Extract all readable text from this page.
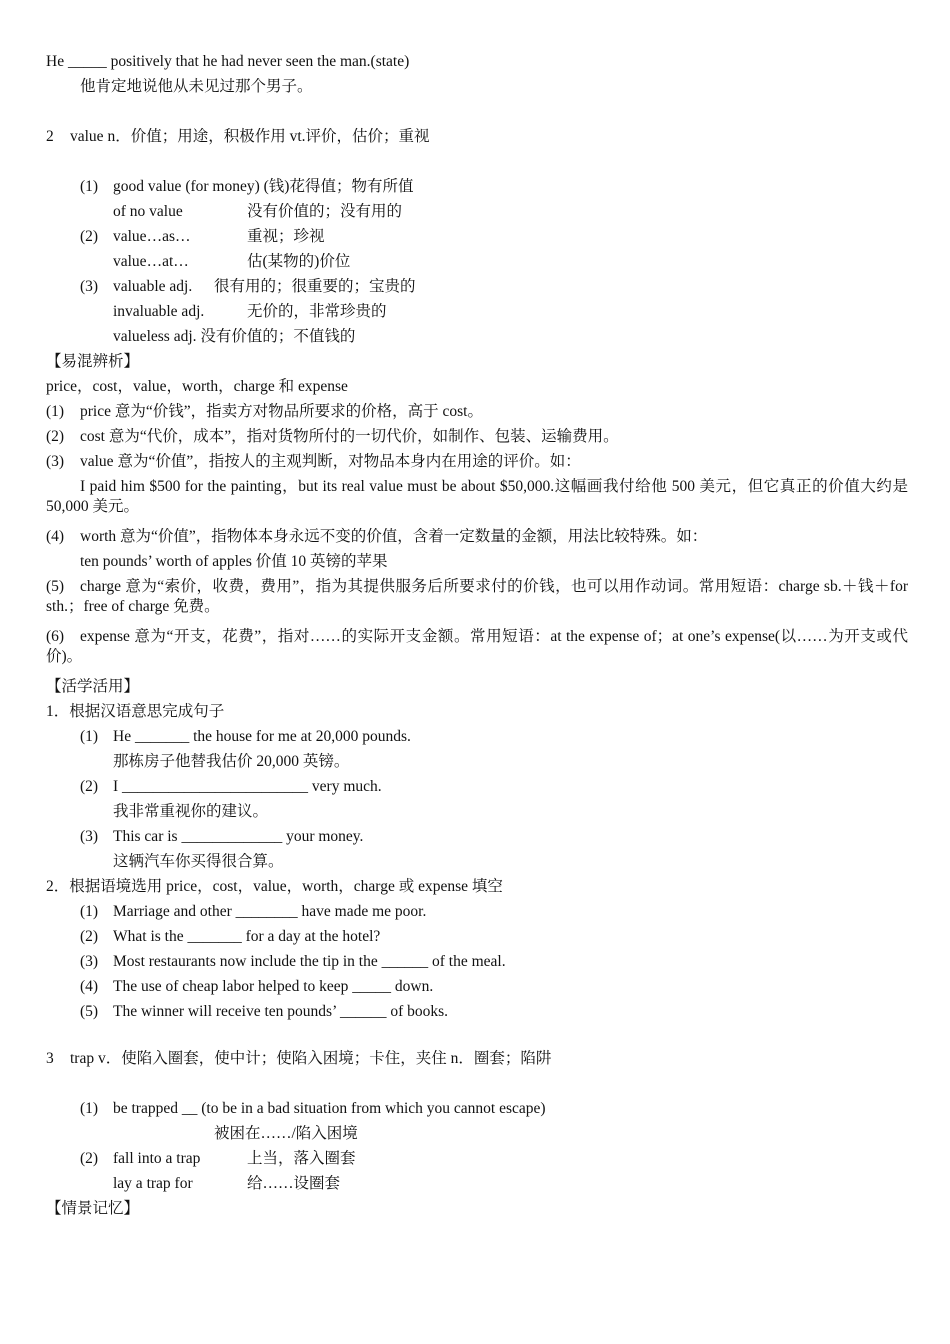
He _____ positively that he had never seen the man.(state)
他肯定地说他从未见过那个男子。
2 value n．价值；用途，积极作用 vt.评价，估价；重视
(1) good value (for money) (钱)花得值；物有所值
of no value	没有价值的；没有用的
(2) value…as…	重视；珍视
value…at…	估(某物的)价位
(3) valuable adj. 很有用的；很重要的；宝贵的
invaluable adj.	无价的，非常珍贵的
valueless adj. 没有价值的；不值钱的
【易混辨析】
price，cost，value，worth，charge 和 expense
(1) price 意为“价钱”，指卖方对物品所要求的价格，高于 cost。
(2) cost 意为“代价，成本”，指对货物所付的一切代价，如制作、包装、运输费用。
(3) value 意为“价值”，指按人的主观判断，对物品本身内在用途的评价。如：
I paid him $500 for the painting，but its real value must be about $50,000.这幅画我付给他 500 美元，但它真正的价值大约是 50,000 美元。
(4) worth 意为“价值”，指物体本身永远不变的价值，含着一定数量的金额，用法比较特殊。如：
ten pounds’ worth of apples 价值 10 英镑的苹果
(5)	charge 意为“索价，收费，费用”，指为其提供服务后所要求付的价钱，也可以用作动词。常用短语：charge sb.＋钱＋for sth.；free of charge 免费。
(6)	expense 意为“开支，花费”，指对……的实际开支金额。常用短语：at the expense of；at one’s expense(以……为开支或代价)。
【活学活用】
1．根据汉语意思完成句子
(1) He _______ the house for me at 20,000 pounds.
那栋房子他替我估价 20,000 英镑。
(2) I ________________________ very much.
我非常重视你的建议。
(3) This car is _____________ your money.
这辆汽车你买得很合算。
2．根据语境选用 price，cost，value，worth，charge 或 expense 填空
(1) Marriage and other ________ have made me poor.
(2) What is the _______ for a day at the hotel?
(3) Most restaurants now include the tip in the ______ of the meal.
(4) The use of cheap labor helped to keep _____ down.
(5) The winner will receive ten pounds’ ______ of books.
3 trap v．使陷入圈套，使中计；使陷入困境；卡住，夹住 n．圈套；陷阱
(1) be trapped __ (to be in a bad situation from which you cannot escape)
被困在……/陷入困境
(2) fall into a trap	上当，落入圈套
lay a trap for	给……设圈套
【情景记忆】
